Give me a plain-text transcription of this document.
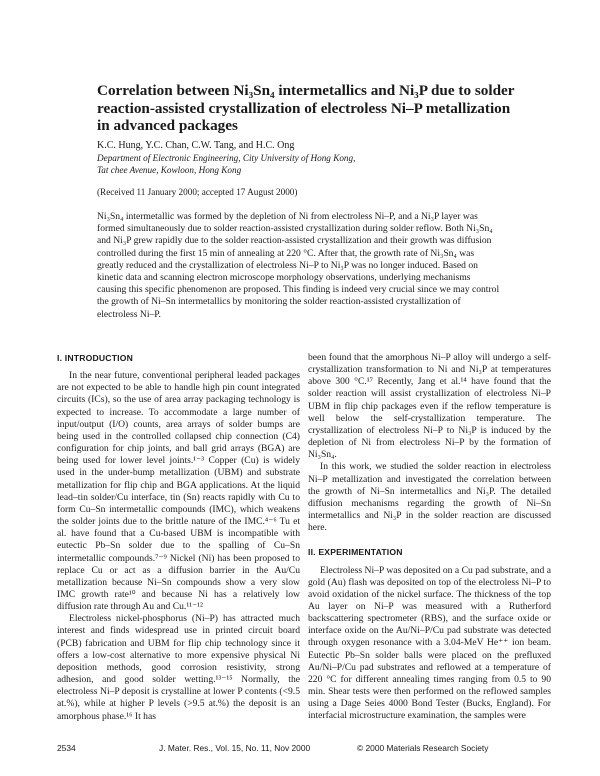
Correlation between Ni₃Sn₄ intermetallics and Ni₃P due to solder reaction-assisted crystallization of electroless Ni–P metallization in advanced packages
K.C. Hung, Y.C. Chan, C.W. Tang, and H.C. Ong
Department of Electronic Engineering, City University of Hong Kong,
Tat chee Avenue, Kowloon, Hong Kong
(Received 11 January 2000; accepted 17 August 2000)

Ni₃Sn₄ intermetallic was formed by the depletion of Ni from electroless Ni–P, and a Ni₃P layer was formed simultaneously due to solder reaction-assisted crystallization during solder reflow. Both Ni₃Sn₄ and Ni₃P grew rapidly due to the solder reaction-assisted crystallization and their growth was diffusion controlled during the first 15 min of annealing at 220 °C. After that, the growth rate of Ni₃Sn₄ was greatly reduced and the crystallization of electroless Ni–P to Ni₃P was no longer induced. Based on kinetic data and scanning electron microscope morphology observations, underlying mechanisms causing this specific phenomenon are proposed. This finding is indeed very crucial since we may control the growth of Ni–Sn intermetallics by monitoring the solder reaction-assisted crystallization of electroless Ni–P.

I. INTRODUCTION

In the near future, conventional peripheral leaded packages are not expected to be able to handle high pin count integrated circuits (ICs), so the use of area array packaging technology is expected to increase. To accommodate a large number of input/output (I/O) counts, area arrays of solder bumps are being used in the controlled collapsed chip connection (C4) configuration for chip joints, and ball grid arrays (BGA) are being used for lower level joints.¹⁻³ Copper (Cu) is widely used in the under-bump metallization (UBM) and substrate metallization for flip chip and BGA applications. At the liquid lead–tin solder/Cu interface, tin (Sn) reacts rapidly with Cu to form Cu–Sn intermetallic compounds (IMC), which weakens the solder joints due to the brittle nature of the IMC.⁴⁻⁶ Tu et al. have found that a Cu-based UBM is incompatible with eutectic Pb–Sn solder due to the spalling of Cu–Sn intermetallic compounds.⁷⁻⁹ Nickel (Ni) has been proposed to replace Cu or act as a diffusion barrier in the Au/Cu metallization because Ni–Sn compounds show a very slow IMC growth rate¹⁰ and because Ni has a relatively low diffusion rate through Au and Cu.¹¹⁻¹²

Electroless nickel-phosphorus (Ni–P) has attracted much interest and finds widespread use in printed circuit board (PCB) fabrication and UBM for flip chip technology since it offers a low-cost alternative to more expensive physical Ni deposition methods, good corrosion resistivity, strong adhesion, and good solder wetting.¹³⁻¹⁵ Normally, the electroless Ni–P deposit is crystalline at lower P contents (<9.5 at.%), while at higher P levels (>9.5 at.%) the deposit is an amorphous phase.¹⁶ It has

been found that the amorphous Ni–P alloy will undergo a self-crystallization transformation to Ni and Ni₃P at temperatures above 300 °C.¹⁷ Recently, Jang et al.¹⁴ have found that the solder reaction will assist crystallization of electroless Ni–P UBM in flip chip packages even if the reflow temperature is well below the self-crystallization temperature. The crystallization of electroless Ni–P to Ni₃P is induced by the depletion of Ni from electroless Ni–P by the formation of Ni₃Sn₄.

In this work, we studied the solder reaction in electroless Ni–P metallization and investigated the correlation between the growth of Ni–Sn intermetallics and Ni₃P. The detailed diffusion mechanisms regarding the growth of Ni–Sn intermetallics and Ni₃P in the solder reaction are discussed here.

II. EXPERIMENTATION

Electroless Ni–P was deposited on a Cu pad substrate, and a gold (Au) flash was deposited on top of the electroless Ni–P to avoid oxidation of the nickel surface. The thickness of the top Au layer on Ni–P was measured with a Rutherford backscattering spectrometer (RBS), and the surface oxide or interface oxide on the Au/Ni–P/Cu pad substrate was detected through oxygen resonance with a 3.04-MeV He⁺⁺ ion beam. Eutectic Pb–Sn solder balls were placed on the prefluxed Au/Ni–P/Cu pad substrates and reflowed at a temperature of 220 °C for different annealing times ranging from 0.5 to 90 min. Shear tests were then performed on the reflowed samples using a Dage Seies 4000 Bond Tester (Bucks, England). For interfacial microstructure examination, the samples were

2534	J. Mater. Res., Vol. 15, No. 11, Nov 2000	© 2000 Materials Research Society
